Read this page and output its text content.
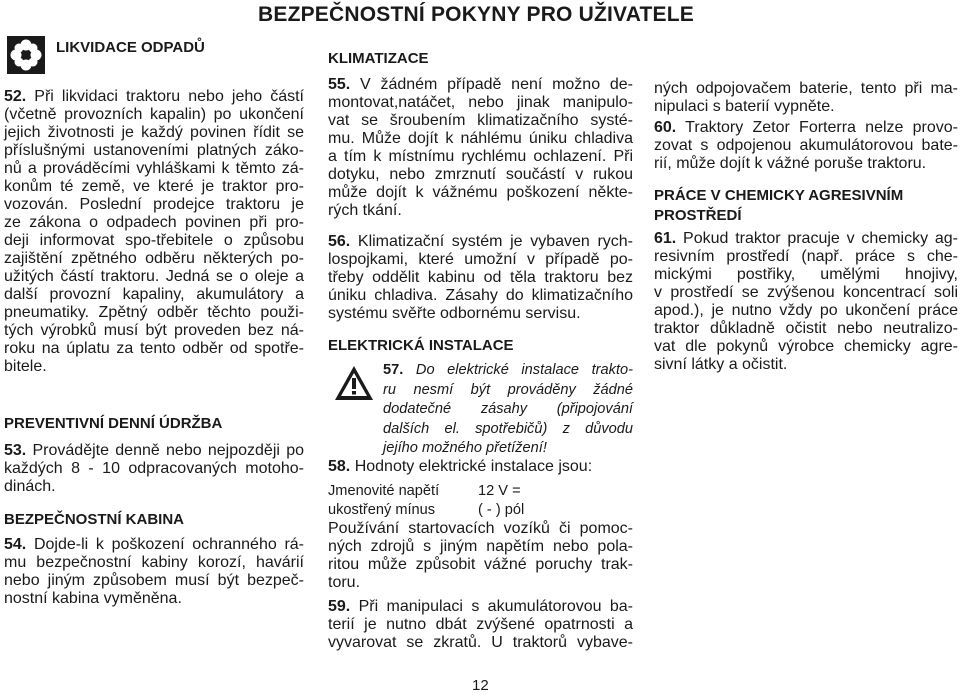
BEZPEČNOSTNÍ POKYNY PRO UŽIVATELE
LIKVIDACE ODPADŮ
52. Při likvidaci traktoru nebo jeho částí
(včetně provozních kapalin) po ukončení
jejich životnosti je každý povinen řídit se
příslušnými ustanoveními platných záko-
nů a prováděcími vyhláškami k těmto zá-
konům té země, ve které je traktor pro-
vozován. Poslední prodejce traktoru je
ze zákona o odpadech povinen při pro-
deji informovat spo-třebitele o způsobu
zajištění zpětného odběru některých po-
užitých částí traktoru. Jedná se o oleje a
další provozní kapaliny, akumulátory a
pneumatiky. Zpětný odběr těchto použi-
tých výrobků musí být proveden bez ná-
roku na úplatu za tento odběr od spotře-
bitele.
PREVENTIVNÍ DENNÍ ÚDRŽBA
53. Provádějte denně nebo nejpozději po
každých 8 - 10 odpracovaných motoho-
dinách.
BEZPEČNOSTNÍ KABINA
54. Dojde-li k poškození ochranného rá-
mu bezpečnostní kabiny korozí, havárií
nebo jiným způsobem musí být bezpeč-
nostní kabina vyměněna.
KLIMATIZACE
55. V žádném případě není možno de-
montovat,natáčet, nebo jinak manipulo-
vat se šroubením klimatizačního systé-
mu. Může dojít k náhlému úniku chladiva
a tím k místnímu rychlému ochlazení. Při
dotyku, nebo zmrznutí součástí v rukou
může dojít k vážnému poškození někte-
rých tkání.
56. Klimatizační systém je vybaven rych-
lospojkami, které umožní v případě po-
třeby oddělit kabinu od těla traktoru bez
úniku chladiva. Zásahy do klimatizačního
systému svěřte odbornému servisu.
ELEKTRICKÁ INSTALACE
57. Do elektrické instalace trakto-
ru nesmí být prováděny žádné
dodatečné zásahy (připojování
dalších el. spotřebičů) z důvodu
jejího možného přetížení!
58. Hodnoty elektrické instalace jsou:
Jmenovité napětí	12 V =
ukostřený mínus	( - ) pól
Používání startovacích vozíků či pomoc-
ných zdrojů s jiným napětím nebo pola-
ritou může způsobit vážné poruchy trak-
toru.
59. Při manipulaci s akumulátorovou ba-
terií je nutno dbát zvýšené opatrnosti a
vyvarovat se zkratů. U traktorů vybave-
ných odpojovačem baterie, tento při ma-
nipulaci s baterií vypněte.
60. Traktory Zetor Forterra nelze provo-
zovat s odpojenou akumulátorovou bate-
rií, může dojít k vážné poruše traktoru.
PRÁCE V CHEMICKY AGRESIVNÍM
PROSTŘEDÍ
61. Pokud traktor pracuje v chemicky ag-
resivním prostředí (např. práce s che-
mickými postřiky, umělými hnojivy,
v prostředí se zvýšenou koncentrací soli
apod.), je nutno vždy po ukončení práce
traktor důkladně očistit nebo neutralizo-
vat dle pokynů výrobce chemicky agre-
sivní látky a očistit.
12
